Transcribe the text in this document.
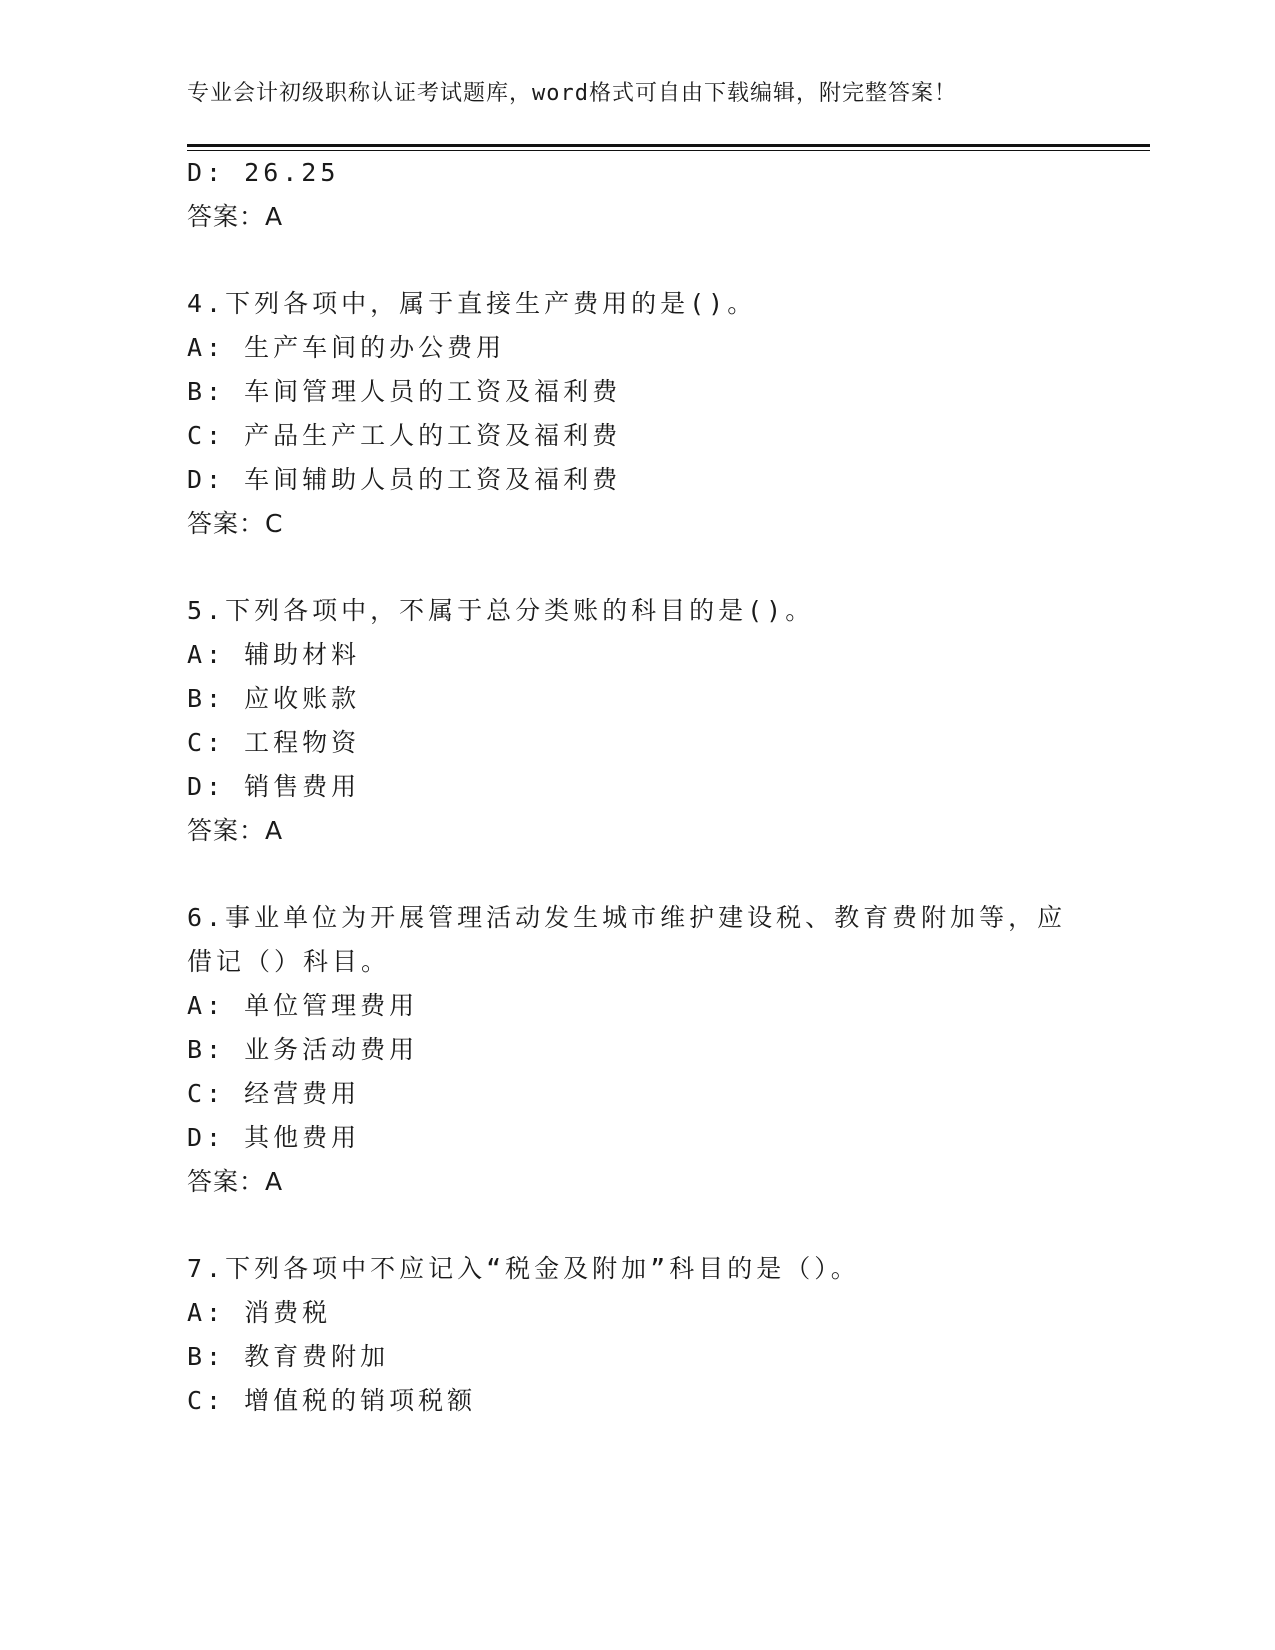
专业会计初级职称认证考试题库，word格式可自由下载编辑，附完整答案！
D: 26.25
答案：A
4.下列各项中，属于直接生产费用的是()。
A: 生产车间的办公费用
B: 车间管理人员的工资及福利费
C: 产品生产工人的工资及福利费
D: 车间辅助人员的工资及福利费
答案：C
5.下列各项中，不属于总分类账的科目的是()。
A: 辅助材料
B: 应收账款
C: 工程物资
D: 销售费用
答案：A
6.事业单位为开展管理活动发生城市维护建设税、教育费附加等，应
借记（）科目。
A: 单位管理费用
B: 业务活动费用
C: 经营费用
D: 其他费用
答案：A
7.下列各项中不应记入“税金及附加”科目的是（）。
A: 消费税
B: 教育费附加
C: 增值税的销项税额
